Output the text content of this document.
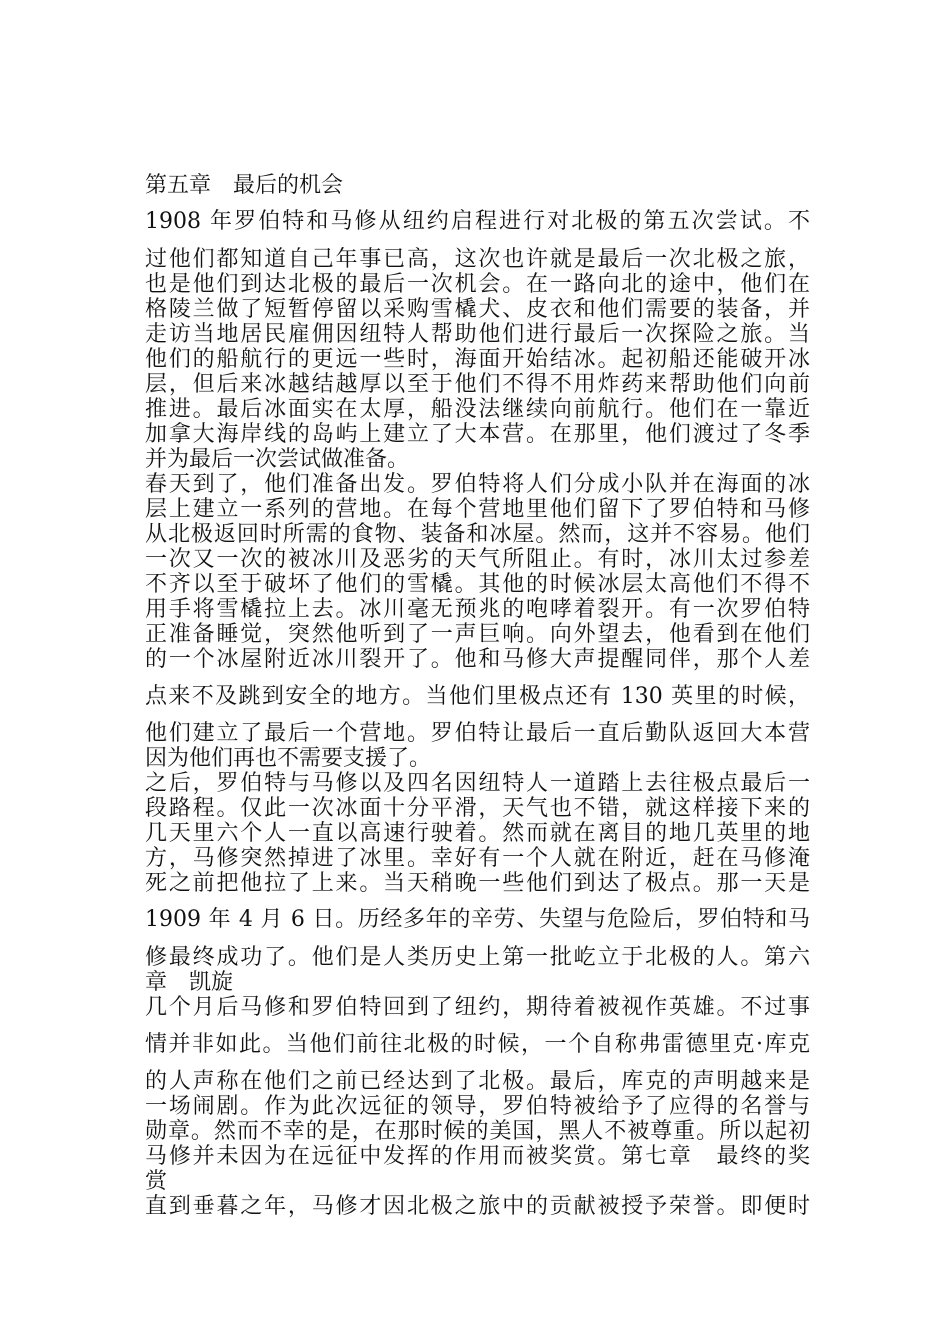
第五章　最后的机会
1908 年罗伯特和马修从纽约启程进行对北极的第五次尝试。不
过他们都知道自己年事已高，这次也许就是最后一次北极之旅，
也是他们到达北极的最后一次机会。在一路向北的途中，他们在
格陵兰做了短暂停留以采购雪橇犬、皮衣和他们需要的装备，并
走访当地居民雇佣因纽特人帮助他们进行最后一次探险之旅。当
他们的船航行的更远一些时，海面开始结冰。起初船还能破开冰
层，但后来冰越结越厚以至于他们不得不用炸药来帮助他们向前
推进。最后冰面实在太厚，船没法继续向前航行。他们在一靠近
加拿大海岸线的岛屿上建立了大本营。在那里，他们渡过了冬季
并为最后一次尝试做准备。
春天到了，他们准备出发。罗伯特将人们分成小队并在海面的冰
层上建立一系列的营地。在每个营地里他们留下了罗伯特和马修
从北极返回时所需的食物、装备和冰屋。然而，这并不容易。他们
一次又一次的被冰川及恶劣的天气所阻止。有时，冰川太过参差
不齐以至于破坏了他们的雪橇。其他的时候冰层太高他们不得不
用手将雪橇拉上去。冰川毫无预兆的咆哮着裂开。有一次罗伯特
正准备睡觉，突然他听到了一声巨响。向外望去，他看到在他们
的一个冰屋附近冰川裂开了。他和马修大声提醒同伴，那个人差
点来不及跳到安全的地方。当他们里极点还有 130 英里的时候，
他们建立了最后一个营地。罗伯特让最后一直后勤队返回大本营
因为他们再也不需要支援了。
之后，罗伯特与马修以及四名因纽特人一道踏上去往极点最后一
段路程。仅此一次冰面十分平滑，天气也不错，就这样接下来的
几天里六个人一直以高速行驶着。然而就在离目的地几英里的地
方，马修突然掉进了冰里。幸好有一个人就在附近，赶在马修淹
死之前把他拉了上来。当天稍晚一些他们到达了极点。那一天是
1909 年 4 月 6 日。历经多年的辛劳、失望与危险后，罗伯特和马
修最终成功了。他们是人类历史上第一批屹立于北极的人。第六
章　凯旋
几个月后马修和罗伯特回到了纽约，期待着被视作英雄。不过事
情并非如此。当他们前往北极的时候，一个自称弗雷德里克·库克
的人声称在他们之前已经达到了北极。最后，库克的声明越来是
一场闹剧。作为此次远征的领导，罗伯特被给予了应得的名誉与
勋章。然而不幸的是，在那时候的美国，黑人不被尊重。所以起初
马修并未因为在远征中发挥的作用而被奖赏。第七章　最终的奖
赏
直到垂暮之年，马修才因北极之旅中的贡献被授予荣誉。即便时
